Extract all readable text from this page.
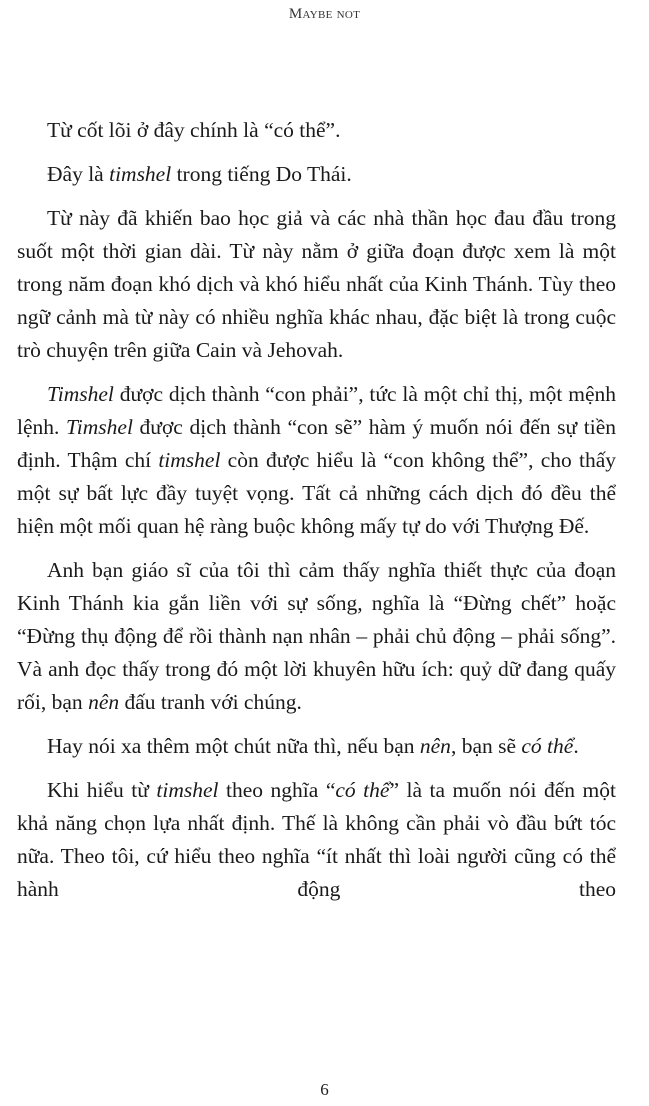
Maybe not

Từ cốt lõi ở đây chính là “có thể”.

Đây là timshel trong tiếng Do Thái.

Từ này đã khiến bao học giả và các nhà thần học đau đầu trong suốt một thời gian dài. Từ này nằm ở giữa đoạn được xem là một trong năm đoạn khó dịch và khó hiểu nhất của Kinh Thánh. Tùy theo ngữ cảnh mà từ này có nhiều nghĩa khác nhau, đặc biệt là trong cuộc trò chuyện trên giữa Cain và Jehovah.

Timshel được dịch thành “con phải”, tức là một chỉ thị, một mệnh lệnh. Timshel được dịch thành “con sẽ” hàm ý muốn nói đến sự tiền định. Thậm chí timshel còn được hiểu là “con không thể”, cho thấy một sự bất lực đầy tuyệt vọng. Tất cả những cách dịch đó đều thể hiện một mối quan hệ ràng buộc không mấy tự do với Thượng Đế.

Anh bạn giáo sĩ của tôi thì cảm thấy nghĩa thiết thực của đoạn Kinh Thánh kia gắn liền với sự sống, nghĩa là “Đừng chết” hoặc “Đừng thụ động để rồi thành nạn nhân – phải chủ động – phải sống”. Và anh đọc thấy trong đó một lời khuyên hữu ích: quỷ dữ đang quấy rối, bạn nên đấu tranh với chúng.

Hay nói xa thêm một chút nữa thì, nếu bạn nên, bạn sẽ có thể.

Khi hiểu từ timshel theo nghĩa “có thể” là ta muốn nói đến một khả năng chọn lựa nhất định. Thế là không cần phải vò đầu bứt tóc nữa. Theo tôi, cứ hiểu theo nghĩa “ít nhất thì loài người cũng có thể hành động theo

6
